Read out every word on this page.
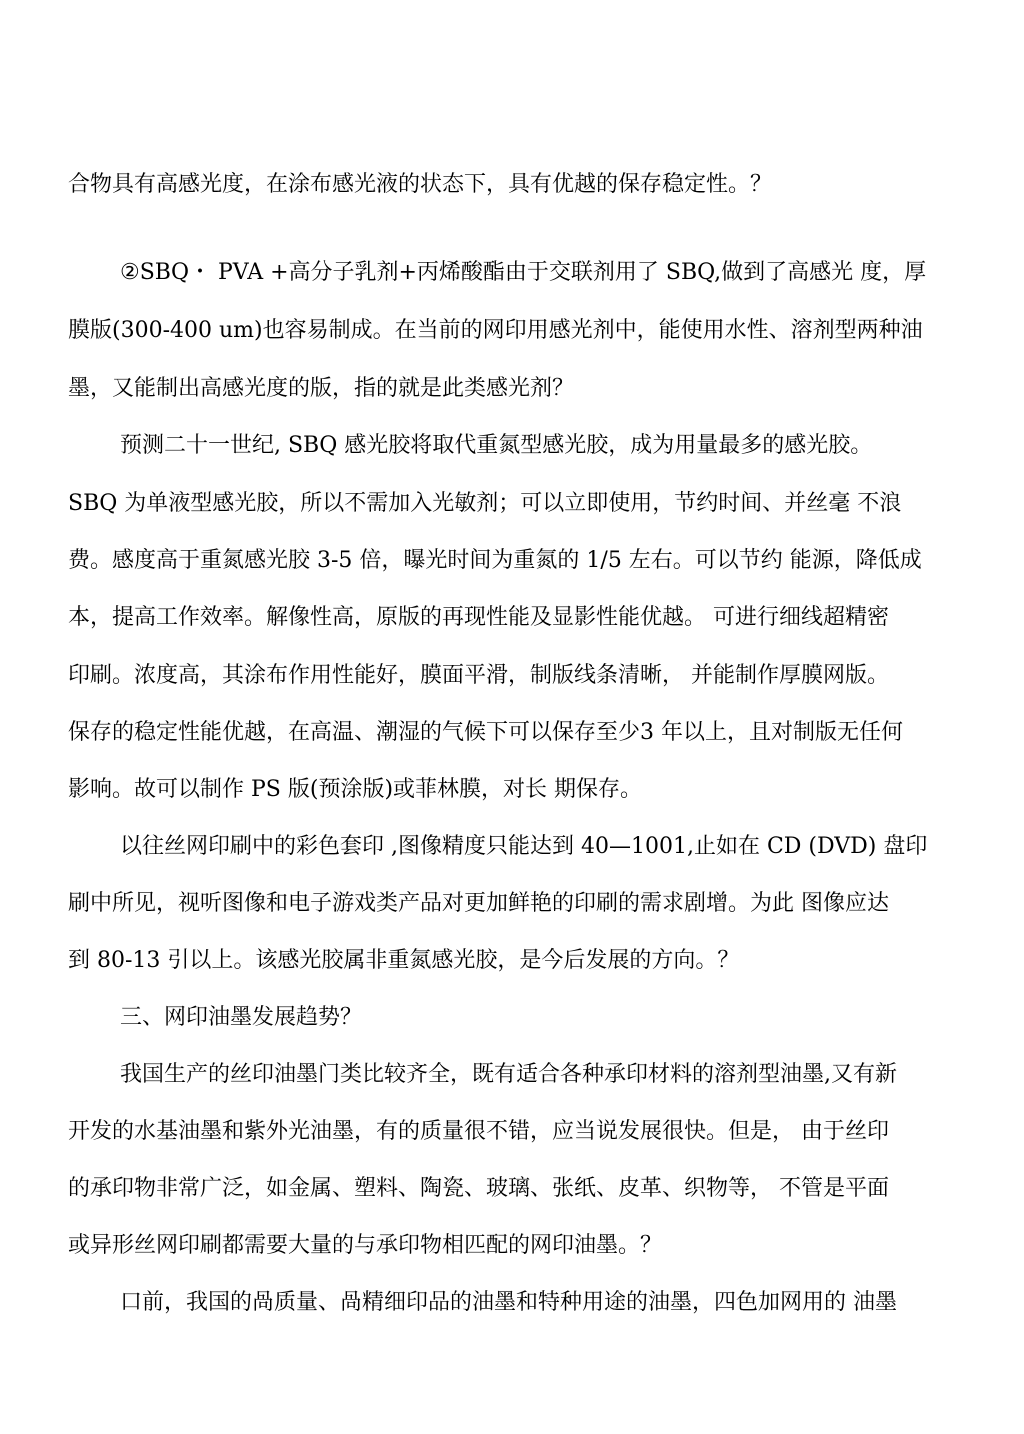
合物具有高感光度，在涂布感光液的状态下，具有优越的保存稳定性。？
②SBQ・ PVA +高分子乳剂+丙烯酸酯由于交联剂用了 SBQ,做到了高感光 度，厚
膜版(300-400 um)也容易制成。在当前的网印用感光剂中，能使用水性、溶剂型两种油
墨，又能制出高感光度的版，指的就是此类感光剂？
预测二十一世纪, SBQ 感光胶将取代重氮型感光胶，成为用量最多的感光胶。
SBQ 为单液型感光胶，所以不需加入光敏剂；可以立即使用，节约时间、并丝毫 不浪
费。感度高于重氮感光胶 3-5 倍，曝光时间为重氮的 1/5 左右。可以节约 能源，降低成
本，提高工作效率。解像性高，原版的再现性能及显影性能优越。 可进行细线超精密
印刷。浓度高，其涂布作用性能好，膜面平滑，制版线条清晰， 并能制作厚膜网版。
保存的稳定性能优越，在高温、潮湿的气候下可以保存至少3 年以上，且对制版无任何
影响。故可以制作 PS 版(预涂版)或菲林膜，对长 期保存。
以往丝网印刷中的彩色套印 ,图像精度只能达到 40—1001,止如在 CD (DVD) 盘印
刷中所见，视听图像和电子游戏类产品对更加鲜艳的印刷的需求剧增。为此 图像应达
到 80-13 引以上。该感光胶属非重氮感光胶，是今后发展的方向。？
三、网印油墨发展趋势？
我国生产的丝印油墨门类比较齐全，既有适合各种承印材料的溶剂型油墨,又有新
开发的水基油墨和紫外光油墨，有的质量很不错，应当说发展很快。但是， 由于丝印
的承印物非常广泛，如金属、塑料、陶瓷、玻璃、张纸、皮革、织物等， 不管是平面
或异形丝网印刷都需要大量的与承印物相匹配的网印油墨。？
口前，我国的咼质量、咼精细印品的油墨和特种用途的油墨，四色加网用的 油墨
